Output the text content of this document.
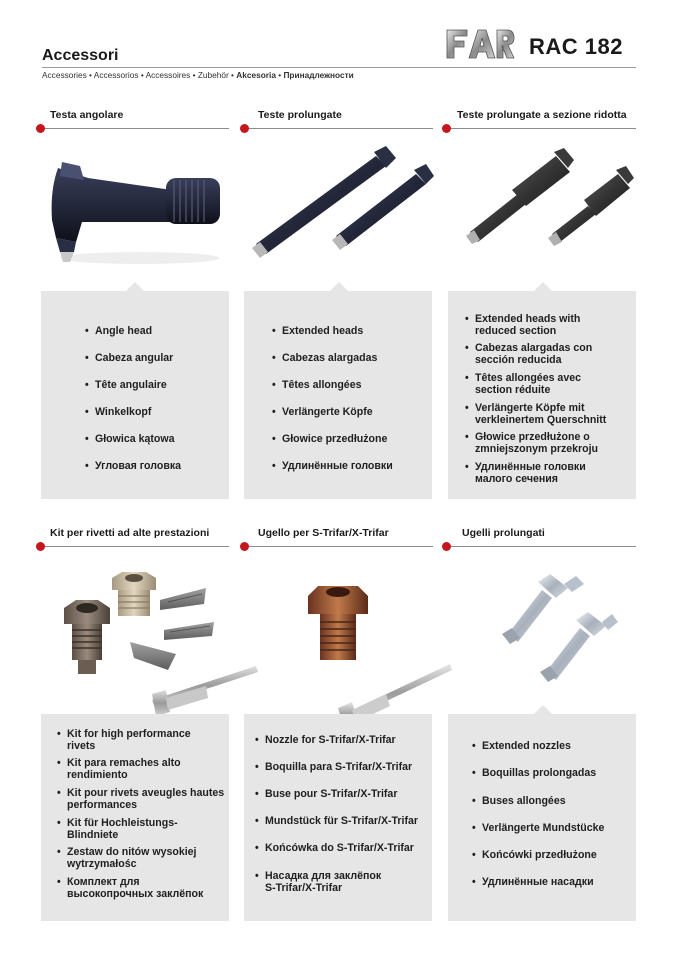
Accessori
Accessories • Accessorios • Accessoires • Zubehör • Akcesoria • Принадлежности
RAC 182
Testa angolare	Teste prolungate	Teste prolungate a sezione ridotta
• Angle head
• Cabeza angular
• Tête angulaire
• Winkelkopf
• Głowica kątowa
• Угловая головка
• Extended heads
• Cabezas alargadas
• Têtes allongées
• Verlängerte Köpfe
• Głowice przedłużone
• Удлинённые головки
• Extended heads with
reduced section
• Cabezas alargadas con
sección reducida
• Têtes allongées avec
section réduite
• Verlängerte Köpfe mit
verkleinertem Querschnitt
• Głowice przedłużone o
zmniejszonym przekroju
• Удлинённые головки
малого сечения
Kit per rivetti ad alte prestazioni	Ugello per S-Trifar/X-Trifar	Ugelli prolungati
• Kit for high performance
rivets
• Kit para remaches alto
rendimiento
• Kit pour rivets aveugles hautes
performances
• Kit für Hochleistungs-
Blindniete
• Zestaw do nitów wysokiej
wytrzymałośc
• Комплект для
высокопрочных заклёпок
• Nozzle for S-Trifar/X-Trifar
• Boquilla para S-Trifar/X-Trifar
• Buse pour S-Trifar/X-Trifar
• Mundstück für S-Trifar/X-Trifar
• Końcówka do S-Trifar/X-Trifar
• Насадка для заклёпок
S-Trifar/X-Trifar
• Extended nozzles
• Boquillas prolongadas
• Buses allongées
• Verlängerte Mundstücke
• Końcówki przedłużone
• Удлинённые насадки
